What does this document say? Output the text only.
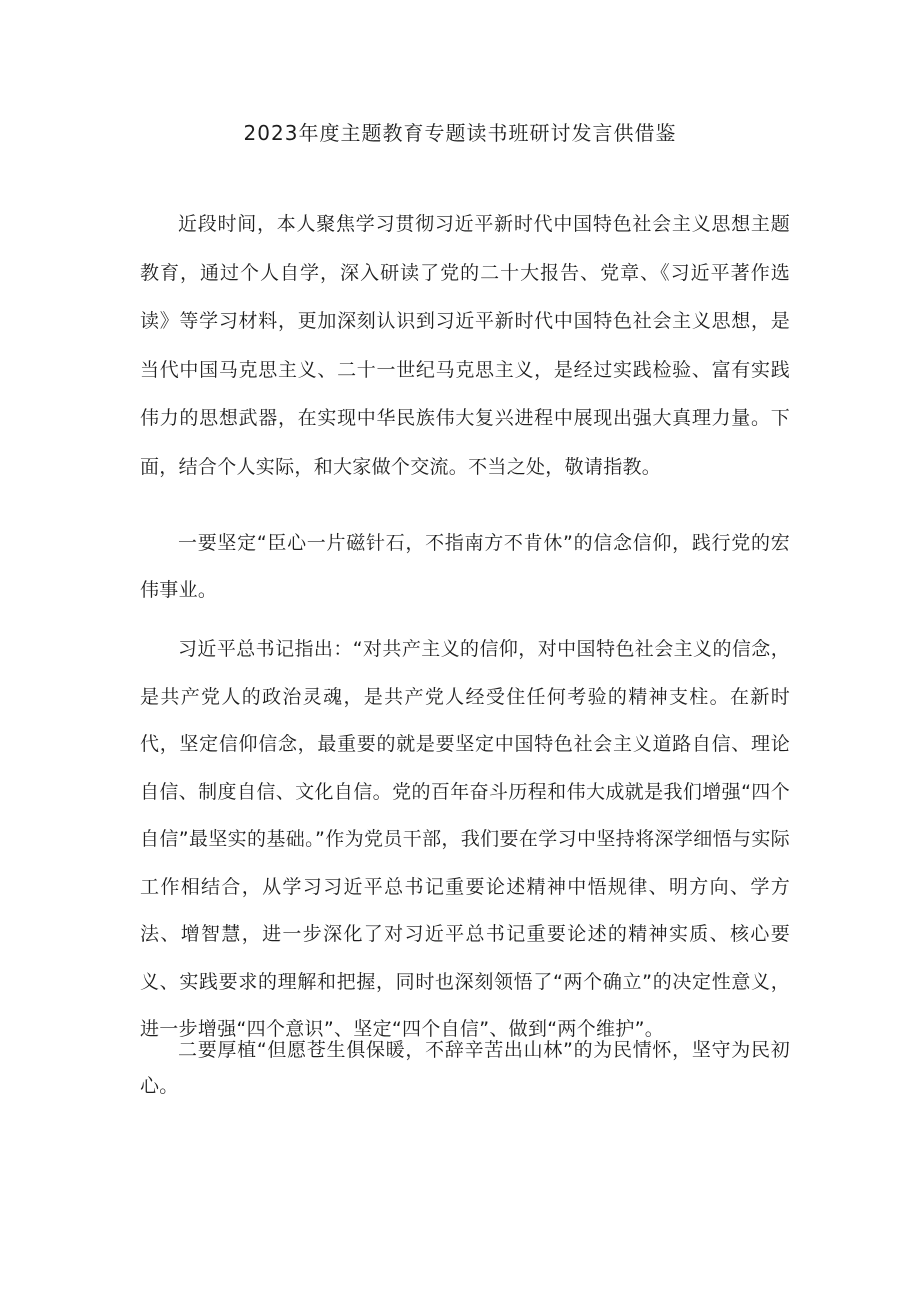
2023年度主题教育专题读书班研讨发言供借鉴

近段时间，本人聚焦学习贯彻习近平新时代中国特色社会主义思想主题教育，通过个人自学，深入研读了党的二十大报告、党章、《习近平著作选读》等学习材料，更加深刻认识到习近平新时代中国特色社会主义思想，是当代中国马克思主义、二十一世纪马克思主义，是经过实践检验、富有实践伟力的思想武器，在实现中华民族伟大复兴进程中展现出强大真理力量。下面，结合个人实际，和大家做个交流。不当之处，敬请指教。

一要坚定“臣心一片磁针石，不指南方不肯休”的信念信仰，践行党的宏伟事业。

习近平总书记指出：“对共产主义的信仰，对中国特色社会主义的信念，是共产党人的政治灵魂，是共产党人经受住任何考验的精神支柱。在新时代，坚定信仰信念，最重要的就是要坚定中国特色社会主义道路自信、理论自信、制度自信、文化自信。党的百年奋斗历程和伟大成就是我们增强“四个自信”最坚实的基础。”作为党员干部，我们要在学习中坚持将深学细悟与实际工作相结合，从学习习近平总书记重要论述精神中悟规律、明方向、学方法、增智慧，进一步深化了对习近平总书记重要论述的精神实质、核心要义、实践要求的理解和把握，同时也深刻领悟了“两个确立”的决定性意义，进一步增强“四个意识”、坚定“四个自信”、做到“两个维护”。

二要厚植“但愿苍生俱保暖，不辞辛苦出山林”的为民情怀，坚守为民初心。
